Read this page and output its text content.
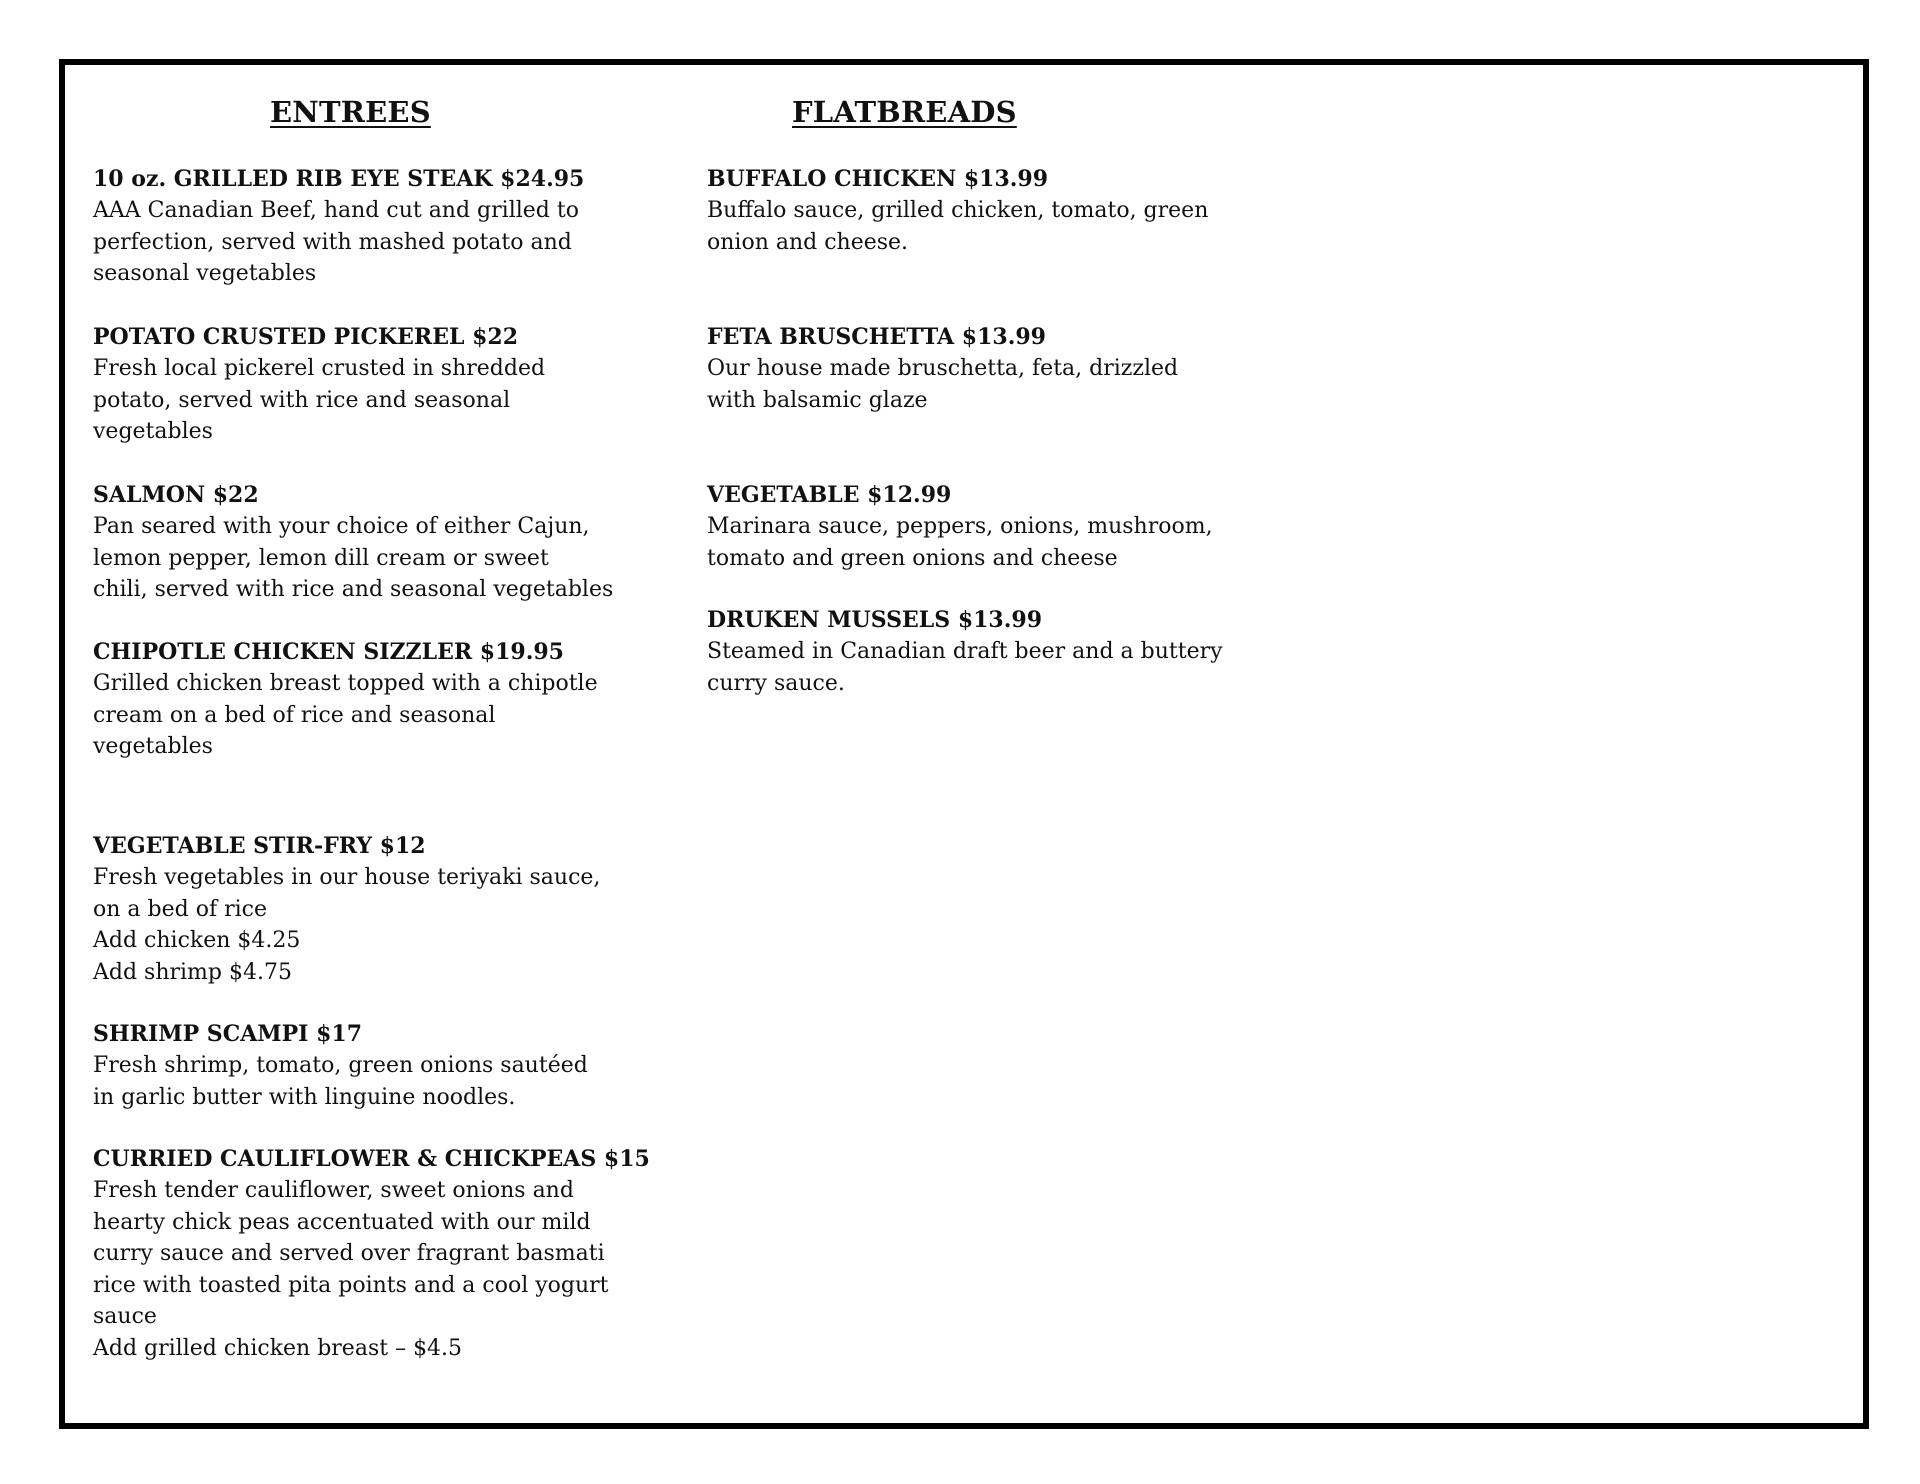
ENTREES
10 oz. GRILLED RIB EYE STEAK $24.95
AAA Canadian Beef, hand cut and grilled to
perfection, served with mashed potato and
seasonal vegetables
POTATO CRUSTED PICKEREL $22
Fresh local pickerel crusted in shredded
potato, served with rice and seasonal
vegetables
SALMON $22
Pan seared with your choice of either Cajun,
lemon pepper, lemon dill cream or sweet
chili, served with rice and seasonal vegetables
CHIPOTLE CHICKEN SIZZLER $19.95
Grilled chicken breast topped with a chipotle
cream on a bed of rice and seasonal
vegetables
VEGETABLE STIR-FRY $12
Fresh vegetables in our house teriyaki sauce,
on a bed of rice
Add chicken $4.25
Add shrimp $4.75
SHRIMP SCAMPI $17
Fresh shrimp, tomato, green onions sautéed
in garlic butter with linguine noodles.
CURRIED CAULIFLOWER & CHICKPEAS $15
Fresh tender cauliflower, sweet onions and
hearty chick peas accentuated with our mild
curry sauce and served over fragrant basmati
rice with toasted pita points and a cool yogurt
sauce
Add grilled chicken breast – $4.5
FLATBREADS
BUFFALO CHICKEN $13.99
Buffalo sauce, grilled chicken, tomato, green
onion and cheese.
FETA BRUSCHETTA $13.99
Our house made bruschetta, feta, drizzled
with balsamic glaze
VEGETABLE $12.99
Marinara sauce, peppers, onions, mushroom,
tomato and green onions and cheese
DRUKEN MUSSELS $13.99
Steamed in Canadian draft beer and a buttery
curry sauce.
